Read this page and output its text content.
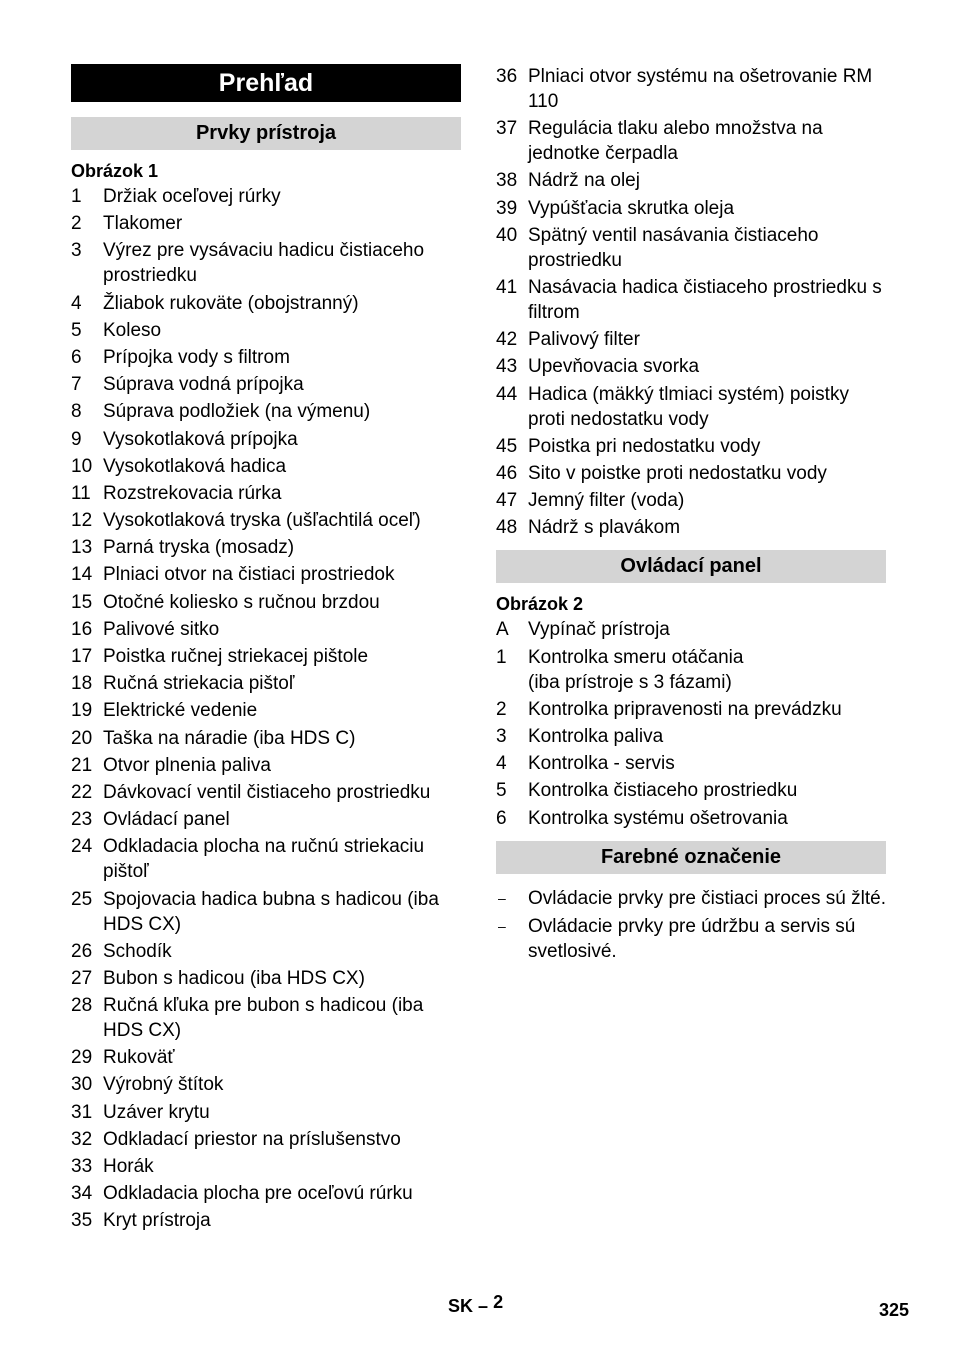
Prehľad
Prvky prístroja
Obrázok 1
1	Držiak oceľovej rúrky
2	Tlakomer
3	Výrez pre vysávaciu hadicu čistiaceho prostriedku
4	Žliabok rukoväte (obojstranný)
5	Koleso
6	Prípojka vody s filtrom
7	Súprava vodná prípojka
8	Súprava podložiek (na výmenu)
9	Vysokotlaková prípojka
10 Vysokotlaková hadica
11 Rozstrekovacia rúrka
12 Vysokotlaková tryska (ušľachtilá oceľ)
13 Parná tryska (mosadz)
14 Plniaci otvor na čistiaci prostriedok
15 Otočné koliesko s ručnou brzdou
16 Palivové sitko
17 Poistka ručnej striekacej pištole
18 Ručná striekacia pištoľ
19 Elektrické vedenie
20 Taška na náradie (iba HDS C)
21 Otvor plnenia paliva
22 Dávkovací ventil čistiaceho prostriedku
23 Ovládací panel
24 Odkladacia plocha na ručnú striekaciu pištoľ
25 Spojovacia hadica bubna s hadicou (iba HDS CX)
26 Schodík
27 Bubon s hadicou (iba HDS CX)
28 Ručná kľuka pre bubon s hadicou (iba HDS CX)
29 Rukoväť
30 Výrobný štítok
31 Uzáver krytu
32 Odkladací priestor na príslušenstvo
33 Horák
34 Odkladacia plocha pre oceľovú rúrku
35 Kryt prístroja
36 Plniaci otvor systému na ošetrovanie RM 110
37 Regulácia tlaku alebo množstva na jednotke čerpadla
38 Nádrž na olej
39 Vypúšťacia skrutka oleja
40 Spätný ventil nasávania čistiaceho prostriedku
41 Nasávacia hadica čistiaceho prostriedku s filtrom
42 Palivový filter
43 Upevňovacia svorka
44 Hadica (mäkký tlmiaci systém) poistky proti nedostatku vody
45 Poistka pri nedostatku vody
46 Sito v poistke proti nedostatku vody
47 Jemný filter (voda)
48 Nádrž s plavákom
Ovládací panel
Obrázok 2
A	Vypínač prístroja
1	Kontrolka smeru otáčania
(iba prístroje s 3 fázami)
2	Kontrolka pripravenosti na prevádzku
3	Kontrolka paliva
4	Kontrolka - servis
5	Kontrolka čistiaceho prostriedku
6	Kontrolka systému ošetrovania
Farebné označenie
–	Ovládacie prvky pre čistiaci proces sú žlté.
–	Ovládacie prvky pre údržbu a servis sú svetlosivé.
SK – 2	325
